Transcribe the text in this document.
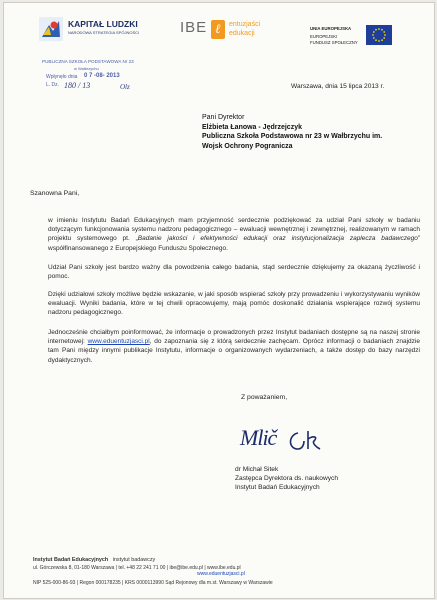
KAPITAŁ LUDZKI
NARODOWA STRATEGIA SPÓJNOŚCI	IBE ℓ entuzjaści
edukacji
UNIA EUROPEJSKA
EUROPEJSKI
FUNDUSZ SPOŁECZNY
PUBLICZNA SZKOŁA PODSTAWOWA Nr 23
w Wałbrzychu
Wpłynęło dnia 0 7 -08- 2013
L. Dz. 180 / 13	Olz	Warszawa, dnia 15 lipca 2013 r.
Pani Dyrektor
Elżbieta Łanowa - Jędrzejczyk
Publiczna Szkoła Podstawowa nr 23 w Wałbrzychu im.
Wojsk Ochrony Pogranicza
Szanowna Pani,
w imieniu Instytutu Badań Edukacyjnych mam przyjemność serdecznie podziękować za udział Pani szkoły w badaniu dotyczącym funkcjonowania systemu nadzoru pedagogicznego – ewaluacji wewnętrznej i zewnętrznej, realizowanym w ramach projektu systemowego pt. „Badanie jakości i efektywności edukacji oraz instytucjonalizacja zaplecza badawczego” współfinansowanego z Europejskiego Funduszu Społecznego.
Udział Pani szkoły jest bardzo ważny dla powodzenia całego badania, stąd serdecznie dziękujemy za okazaną życzliwość i pomoc.
Dzięki udziałowi szkoły możliwe będzie wskazanie, w jaki sposób wspierać szkoły przy prowadzeniu i wykorzystywaniu wyników ewaluacji. Wyniki badania, które w tej chwili opracowujemy, mają pomóc doskonalić działania wspierające rozwój systemu nadzoru pedagogicznego.
Jednocześnie chciałbym poinformować, że informacje o prowadzonych przez Instytut badaniach dostępne są na naszej stronie internetowej: www.eduentuzjasci.pl, do zapoznania się z którą serdecznie zachęcam. Oprócz informacji o badaniach znajdzie tam Pani między innymi publikacje Instytutu, informacje o organizowanych wydarzeniach, a także dostęp do bazy narzędzi dydaktycznych.
Z poważaniem,
Mlič
dr Michał Sitek
Zastępca Dyrektora ds. naukowych
Instytut Badań Edukacyjnych
Instytut Badań Edukacyjnych instytut badawczy
ul. Górczewska 8, 01-180 Warszawa | tel. +48 22 241 71 00 | ibe@ibe.edu.pl | www.ibe.edu.pl
www.eduentuzjasci.pl
NIP 525-000-86-93 | Regon 000178235 | KRS 0000113990 Sąd Rejonowy dla m.st. Warszawy w Warszawie
